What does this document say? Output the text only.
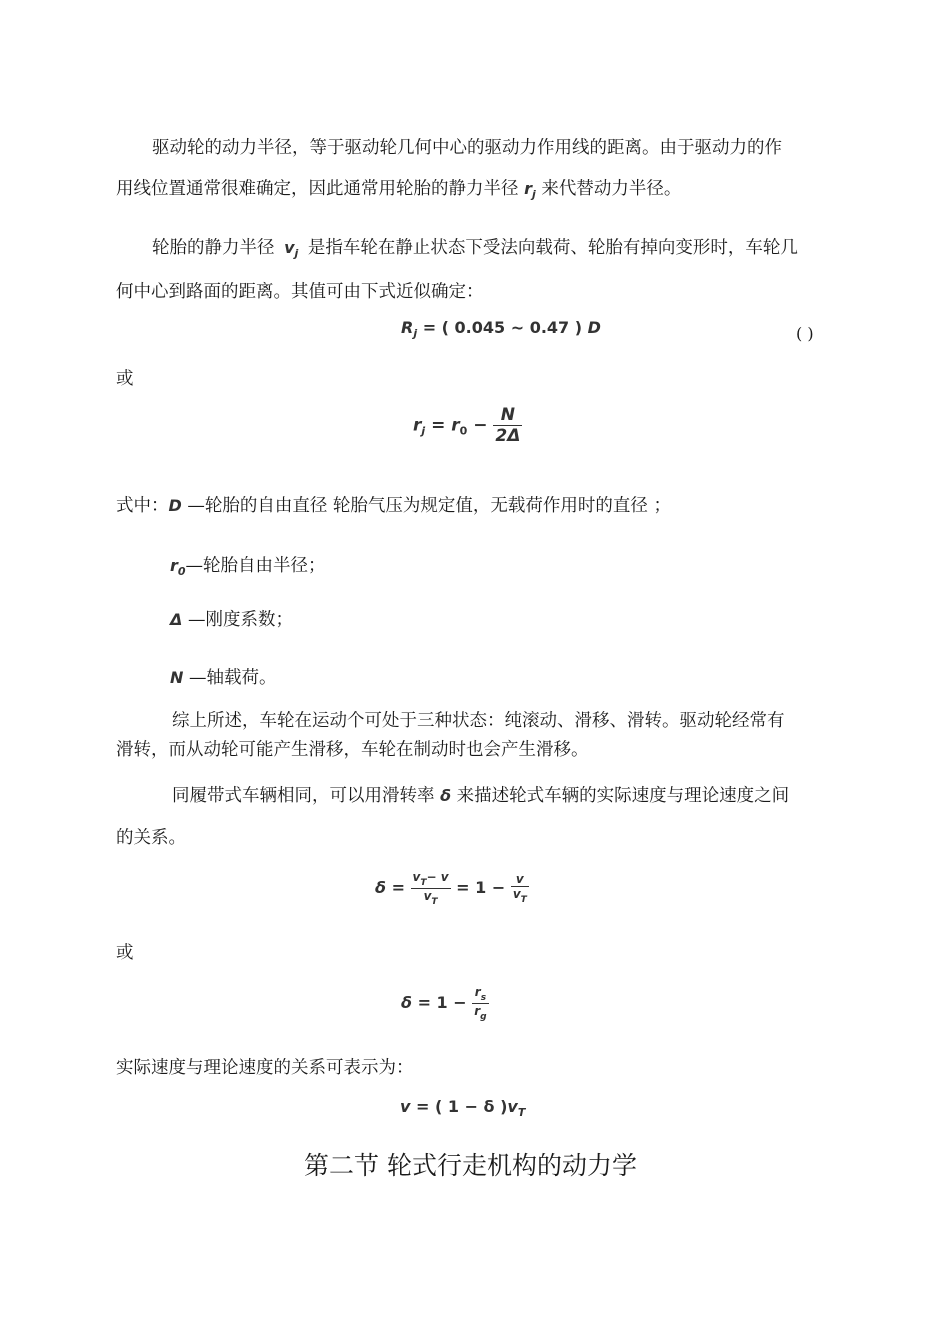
驱动轮的动力半径，等于驱动轮几何中心的驱动力作用线的距离。由于驱动力的作
用线位置通常很难确定，因此通常用轮胎的静力半径 $r_j$ 来代替动力半径。
轮胎的静力半径 $v_j$ 是指车轮在静止状态下受法向载荷、轮胎有掉向变形时，车轮几
何中心到路面的距离。其值可由下式近似确定：
$R_j$ = ( 0.045 ~ 0.47 ) D	( )
或
$r_j = r_0 - \frac{N}{2\Delta}$
式中：D —轮胎的自由直径 轮胎气压为规定值，无载荷作用时的直径 ；
$r_0—$轮胎自由半径；
Δ —刚度系数；
N —轴载荷。
综上所述，车轮在运动个可处于三种状态：纯滚动、滑移、滑转。驱动轮经常有
滑转，而从动轮可能产生滑移，车轮在制动时也会产生滑移。
同履带式车辆相同，可以用滑转率 δ 来描述轮式车辆的实际速度与理论速度之间
的关系。
$\delta = \frac{v_T- v}{v_T} = 1 - \frac{v}{v_T}$
或
$\delta = 1 - \frac{r_s}{r_g}$
实际速度与理论速度的关系可表示为：
v = ( 1 − δ )$v_T$
第二节 轮式行走机构的动力学
